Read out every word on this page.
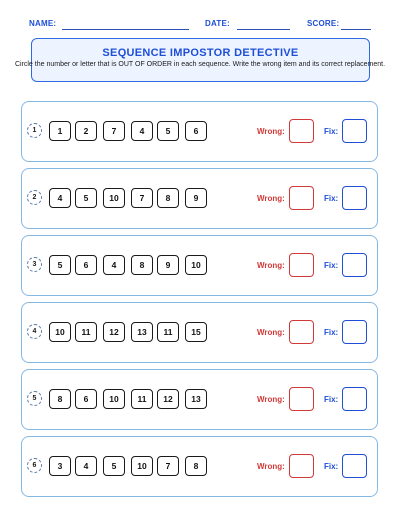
NAME:	DATE:	SCORE:
SEQUENCE IMPOSTOR DETECTIVE
Circle the number or letter that is OUT OF ORDER in each sequence. Write the wrong item and its correct replacement.
1	1	2	7	4	5	6	Wrong:	Fix:
2	4	5	10	7	8	9	Wrong:	Fix:
3	5	6	4	8	9	10	Wrong:	Fix:
4	10	11	12	13	11	15	Wrong:	Fix:
5	8	6	10	11	12	13	Wrong:	Fix:
6	3	4	5	10	7	8	Wrong:	Fix:
